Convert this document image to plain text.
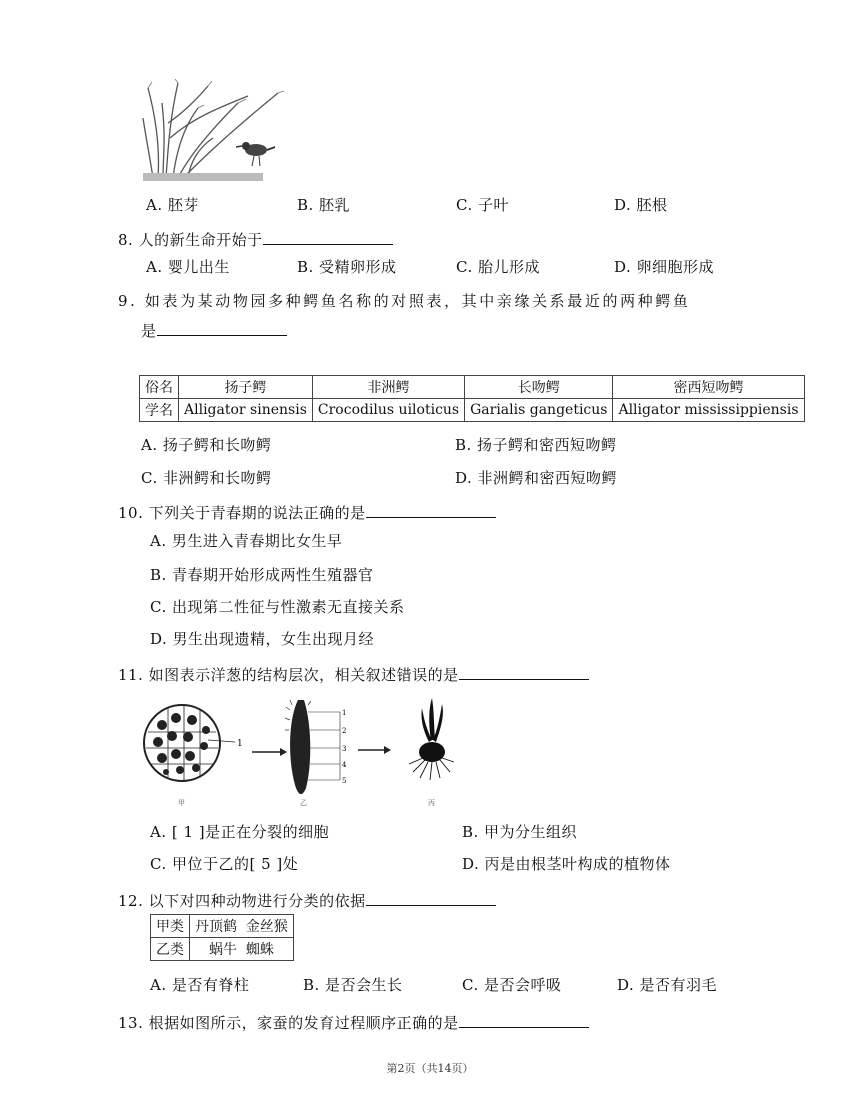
A. 胚芽	B. 胚乳	C. 子叶	D. 胚根
8. 人的新生命开始于
A. 婴儿出生	B. 受精卵形成	C. 胎儿形成	D. 卵细胞形成
9. 如表为某动物园多种鳄鱼名称的对照表，其中亲缘关系最近的两种鳄鱼
是
俗名	扬子鳄	非洲鳄	长吻鳄	密西短吻鳄
学名	Alligator sinensis	Crocodilus uiloticus	Garialis gangeticus	Alligator mississippiensis
A. 扬子鳄和长吻鳄	B. 扬子鳄和密西短吻鳄
C. 非洲鳄和长吻鳄	D. 非洲鳄和密西短吻鳄
10. 下列关于青春期的说法正确的是
A. 男生进入青春期比女生早
B. 青春期开始形成两性生殖器官
C. 出现第二性征与性激素无直接关系
D. 男生出现遗精，女生出现月经
11. 如图表示洋葱的结构层次，相关叙述错误的是
1
甲
1
2
3
4
5
乙	丙
A. [ 1 ]是正在分裂的细胞	B. 甲为分生组织
C. 甲位于乙的[ 5 ]处	D. 丙是由根茎叶构成的植物体
12. 以下对四种动物进行分类的依据
甲类	丹顶鹤  金丝猴
乙类	蜗牛  蜘蛛
A. 是否有脊柱	B. 是否会生长	C. 是否会呼吸	D. 是否有羽毛
13. 根据如图所示，家蚕的发育过程顺序正确的是
第2页（共14页）
